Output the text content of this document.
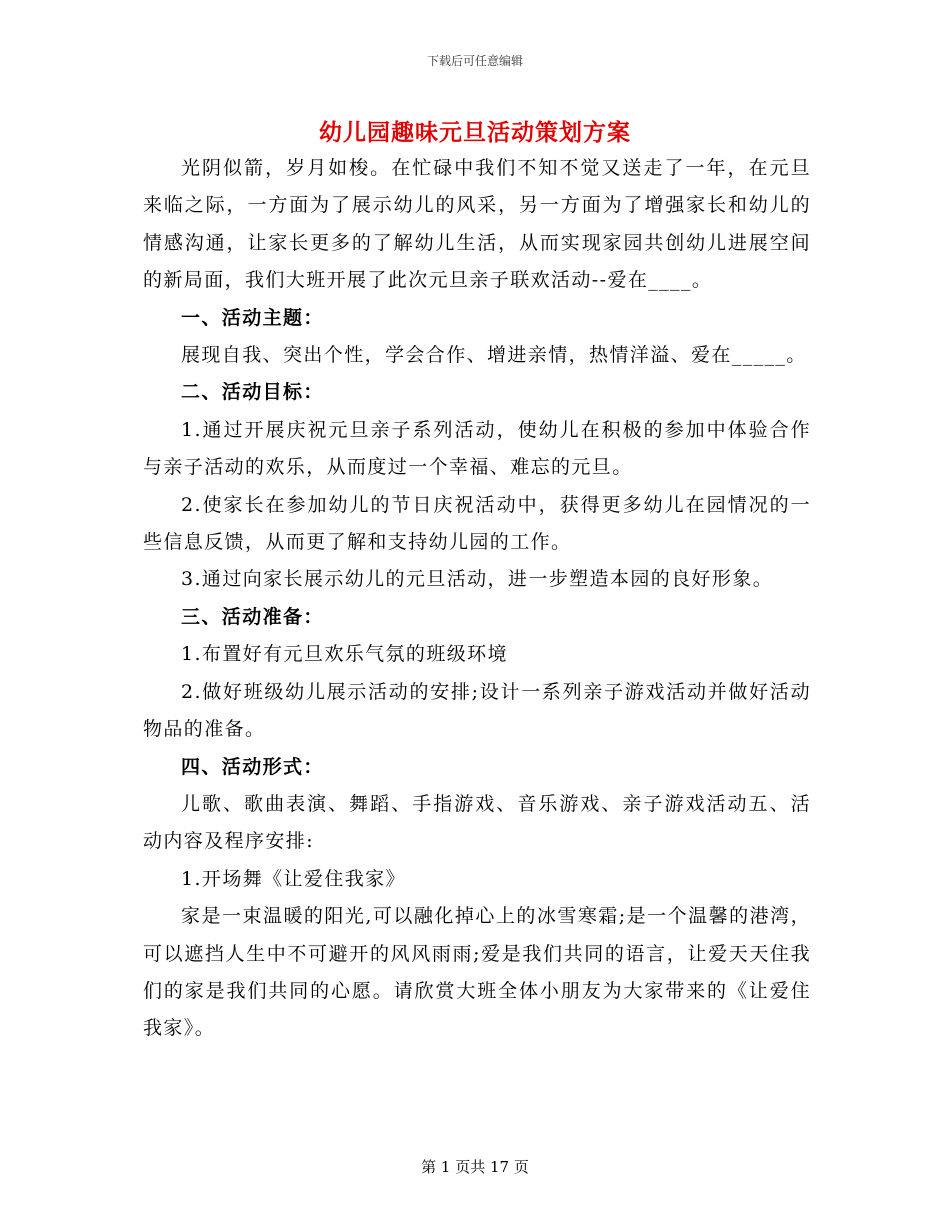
下载后可任意编辑
幼儿园趣味元旦活动策划方案

光阴似箭，岁月如梭。在忙碌中我们不知不觉又送走了一年，在元旦来临之际，一方面为了展示幼儿的风采，另一方面为了增强家长和幼儿的情感沟通，让家长更多的了解幼儿生活，从而实现家园共创幼儿进展空间的新局面，我们大班开展了此次元旦亲子联欢活动--爱在____。

一、活动主题：

展现自我、突出个性，学会合作、增进亲情，热情洋溢、爱在_____。

二、活动目标：

1.通过开展庆祝元旦亲子系列活动，使幼儿在积极的参加中体验合作与亲子活动的欢乐，从而度过一个幸福、难忘的元旦。

2.使家长在参加幼儿的节日庆祝活动中，获得更多幼儿在园情况的一些信息反馈，从而更了解和支持幼儿园的工作。

3.通过向家长展示幼儿的元旦活动，进一步塑造本园的良好形象。

三、活动准备：

1.布置好有元旦欢乐气氛的班级环境

2.做好班级幼儿展示活动的安排;设计一系列亲子游戏活动并做好活动物品的准备。

四、活动形式：

儿歌、歌曲表演、舞蹈、手指游戏、音乐游戏、亲子游戏活动五、活动内容及程序安排:

1.开场舞《让爱住我家》

家是一束温暖的阳光,可以融化掉心上的冰雪寒霜;是一个温馨的港湾，可以遮挡人生中不可避开的风风雨雨;爱是我们共同的语言，让爱天天住我们的家是我们共同的心愿。请欣赏大班全体小朋友为大家带来的《让爱住我家》。

第 1 页共 17 页
